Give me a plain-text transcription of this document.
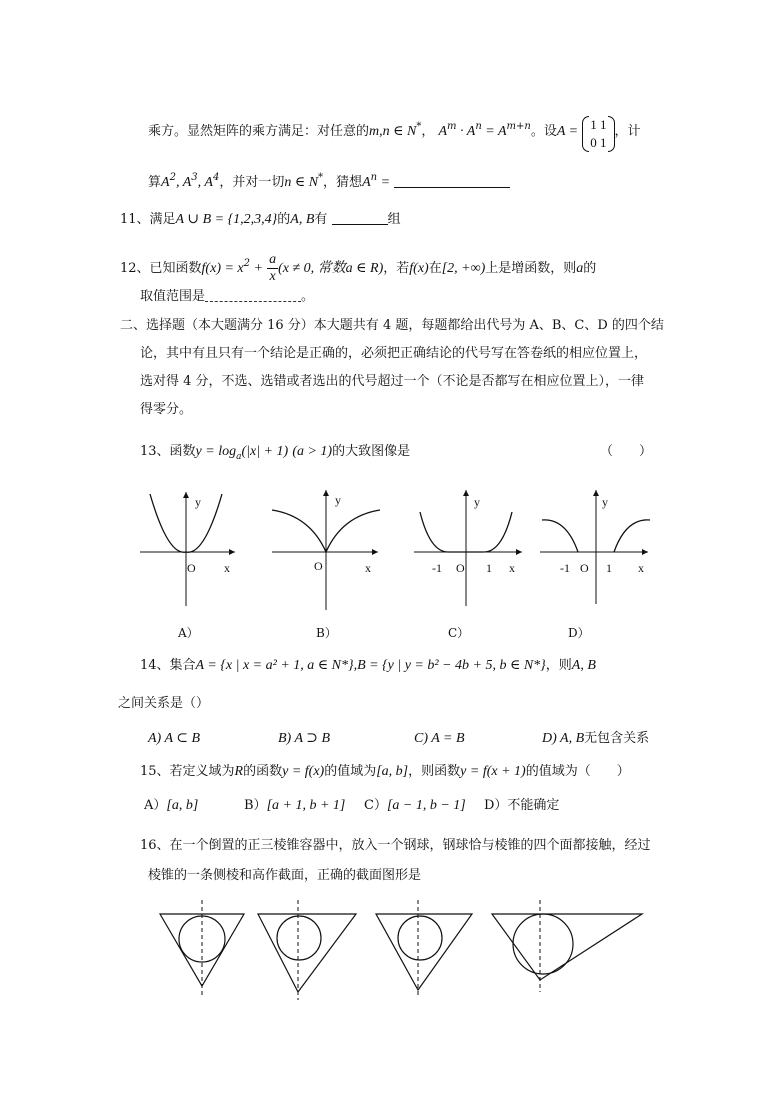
乘方。显然矩阵的乘方满足：对任意的m,n ∈ N*， $A^m \cdot A^n = A^{m+n}$。设A = 1 1
0 1
，计
算$A^2$, $A^3$, $A^4$，并对一切n ∈ N*，猜想$A^n$ =
11、满足A ∪ B = {1,2,3,4}的A, B有	组
12、已知函数$f(x) = x^2 + \frac{a}{x} (x \ne 0$, 常数a ∈ R)，若f(x)在[2, +∞)上是增函数，则a的
取值范围是	。
二、选择题（本大题满分 16 分）本大题共有 4 题，每题都给出代号为 A、B、C、D 的四个结
论，其中有且只有一个结论是正确的，必须把正确结论的代号写在答卷纸的相应位置上，
选对得 4 分，不选、选错或者选出的代号超过一个（不论是否都写在相应位置上），一律
得零分。
13、函数$y = \log_a(|x| + 1) (a > 1)$的大致图像是	（　　）
y
x
O
y
x
O
y
x
-1 O 1
y
x
-1 O 1
A）	B）	C）	D）
14、集合A = {x | x = a² + 1, a ∈ N*},B = {y | y = b² − 4b + 5, b ∈ N*}，则A, B
之间关系是（）
A) A ⊂ B	B) A ⊃ B	C) A = B	D) A, B无包含关系
15、若定义域为R的函数y = f(x)的值域为[a, b]，则函数y = f(x + 1)的值域为（　　）
A）[a, b]	B）[a + 1, b + 1] C）[a − 1, b − 1] D）不能确定
16、在一个倒置的正三棱锥容器中，放入一个钢球，钢球恰与棱锥的四个面都接触，经过
棱锥的一条侧棱和高作截面，正确的截面图形是
